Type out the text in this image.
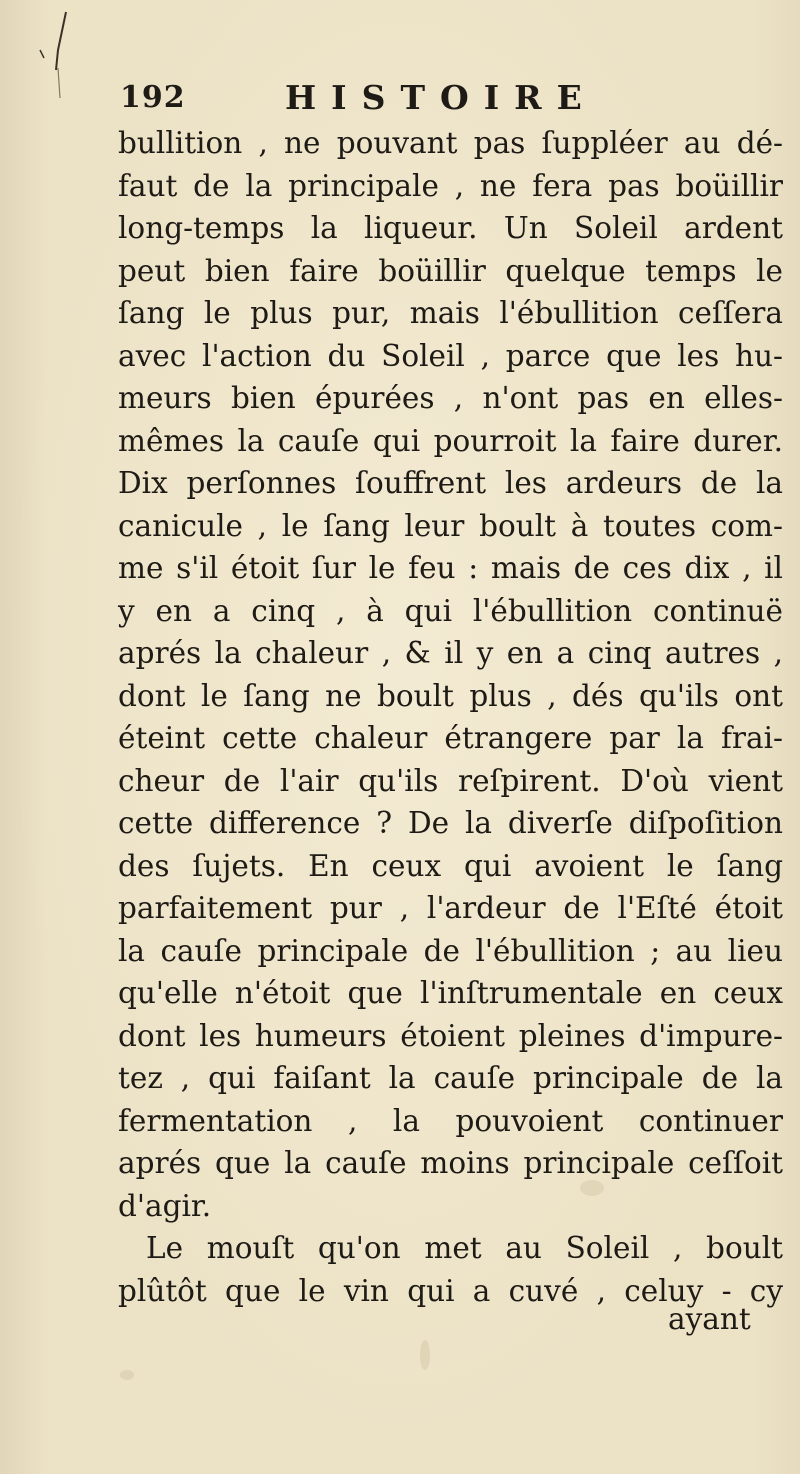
192	HISTOIRE
bullition , ne pouvant pas ſuppléer au dé-
faut de la principale , ne fera pas boüillir
long-temps la liqueur. Un Soleil ardent
peut bien faire boüillir quelque temps le
ſang le plus pur, mais l'ébullition ceſſera
avec l'action du Soleil , parce que les hu-
meurs bien épurées , n'ont pas en elles-
mêmes la cauſe qui pourroit la faire durer.
Dix perſonnes ſouffrent les ardeurs de la
canicule , le ſang leur boult à toutes com-
me s'il étoit ſur le feu : mais de ces dix , il
y en a cinq , à qui l'ébullition continuë
aprés la chaleur , & il y en a cinq autres ,
dont le ſang ne boult plus , dés qu'ils ont
éteint cette chaleur étrangere par la frai-
cheur de l'air qu'ils reſpirent. D'où vient
cette difference ? De la diverſe diſpoſition
des ſujets. En ceux qui avoient le ſang
parfaitement pur , l'ardeur de l'Eſté étoit
la cauſe principale de l'ébullition ; au lieu
qu'elle n'étoit que l'inſtrumentale en ceux
dont les humeurs étoient pleines d'impure-
tez , qui faiſant la cauſe principale de la
fermentation , la pouvoient continuer
aprés que la cauſe moins principale ceſſoit
d'agir.
Le mouſt qu'on met au Soleil , boult
plûtôt que le vin qui a cuvé , celuy - cy
ayant
